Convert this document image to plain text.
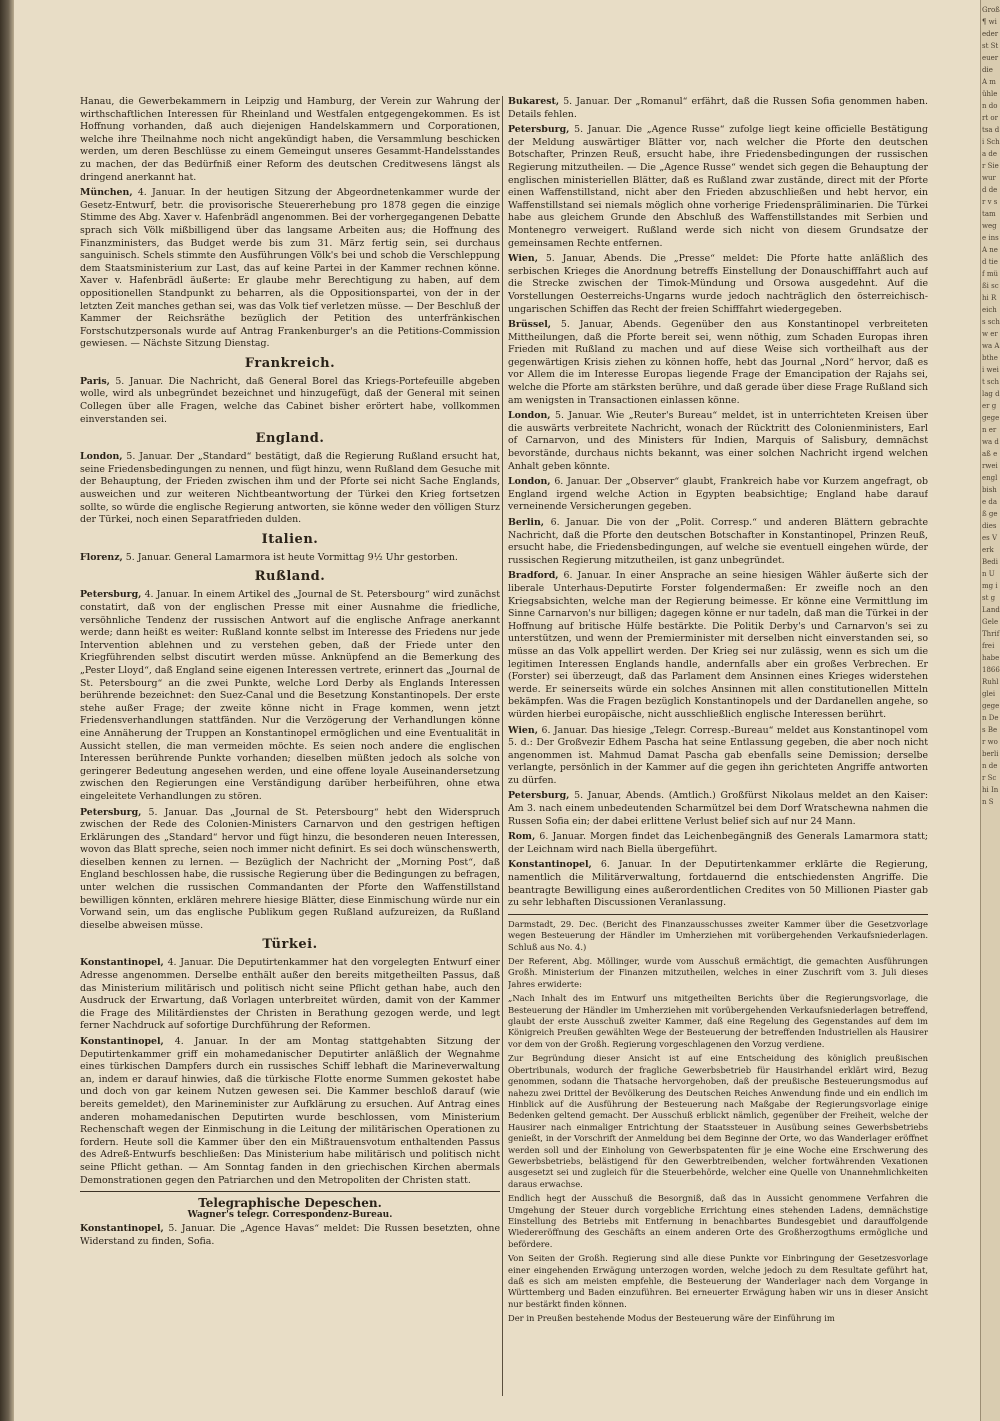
Hanau, die Gewerbekammern in Leipzig und Hamburg, der Verein zur Wahrung der wirthschaftlichen Interessen für Rheinland und Westfalen entgegengekommen. Es ist Hoffnung vorhanden, daß auch diejenigen Handelskammern und Corporationen, welche ihre Theilnahme noch nicht angekündigt haben, die Versammlung beschicken werden, um deren Beschlüsse zu einem Gemeingut unseres Gesammt-Handelsstandes zu machen, der das Bedürfniß einer Reform des deutschen Creditwesens längst als dringend anerkannt hat.

München, 4. Januar. In der heutigen Sitzung der Abgeordnetenkammer wurde der Gesetz-Entwurf, betr. die provisorische Steuererhebung pro 1878 gegen die einzige Stimme des Abg. Xaver v. Hafenbrädl angenommen. Bei der vorhergegangenen Debatte sprach sich Völk mißbilligend über das langsame Arbeiten aus; die Hoffnung des Finanzministers, das Budget werde bis zum 31. März fertig sein, sei durchaus sanguinisch. Schels stimmte den Ausführungen Völk's bei und schob die Verschleppung dem Staatsministerium zur Last, das auf keine Partei in der Kammer rechnen könne. Xaver v. Hafenbrädl äußerte: Er glaube mehr Berechtigung zu haben, auf dem oppositionellen Standpunkt zu beharren, als die Oppositionspartei, von der in der letzten Zeit manches gethan sei, was das Volk tief verletzen müsse. — Der Beschluß der Kammer der Reichsräthe bezüglich der Petition des unterfränkischen Forstschutzpersonals wurde auf Antrag Frankenburger's an die Petitions-Commission gewiesen. — Nächste Sitzung Dienstag.

Frankreich.

Paris, 5. Januar. Die Nachricht, daß General Borel das Kriegs-Portefeuille abgeben wolle, wird als unbegründet bezeichnet und hinzugefügt, daß der General mit seinen Collegen über alle Fragen, welche das Cabinet bisher erörtert habe, vollkommen einverstanden sei.

England.

London, 5. Januar. Der „Standard“ bestätigt, daß die Regierung Rußland ersucht hat, seine Friedensbedingungen zu nennen, und fügt hinzu, wenn Rußland dem Gesuche mit der Behauptung, der Frieden zwischen ihm und der Pforte sei nicht Sache Englands, ausweichen und zur weiteren Nichtbeantwortung der Türkei den Krieg fortsetzen sollte, so würde die englische Regierung antworten, sie könne weder den völligen Sturz der Türkei, noch einen Separatfrieden dulden.

Italien.

Florenz, 5. Januar. General Lamarmora ist heute Vormittag 9½ Uhr gestorben.

Rußland.

Petersburg, 4. Januar. In einem Artikel des „Journal de St. Petersbourg“ wird zunächst constatirt, daß von der englischen Presse mit einer Ausnahme die friedliche, versöhnliche Tendenz der russischen Antwort auf die englische Anfrage anerkannt werde; dann heißt es weiter: Rußland konnte selbst im Interesse des Friedens nur jede Intervention ablehnen und zu verstehen geben, daß der Friede unter den Kriegführenden selbst discutirt werden müsse. Anknüpfend an die Bemerkung des „Pester Lloyd“, daß England seine eigenen Interessen vertrete, erinnert das „Journal de St. Petersbourg“ an die zwei Punkte, welche Lord Derby als Englands Interessen berührende bezeichnet: den Suez-Canal und die Besetzung Konstantinopels. Der erste stehe außer Frage; der zweite könne nicht in Frage kommen, wenn jetzt Friedensverhandlungen stattfänden. Nur die Verzögerung der Verhandlungen könne eine Annäherung der Truppen an Konstantinopel ermöglichen und eine Eventualität in Aussicht stellen, die man vermeiden möchte. Es seien noch andere die englischen Interessen berührende Punkte vorhanden; dieselben müßten jedoch als solche von geringerer Bedeutung angesehen werden, und eine offene loyale Auseinandersetzung zwischen den Regierungen eine Verständigung darüber herbeiführen, ohne etwa eingeleitete Verhandlungen zu stören.

Petersburg, 5. Januar. Das „Journal de St. Petersbourg“ hebt den Widerspruch zwischen der Rede des Colonien-Ministers Carnarvon und den gestrigen heftigen Erklärungen des „Standard“ hervor und fügt hinzu, die besonderen neuen Interessen, wovon das Blatt spreche, seien noch immer nicht definirt. Es sei doch wünschenswerth, dieselben kennen zu lernen. — Bezüglich der Nachricht der „Morning Post“, daß England beschlossen habe, die russische Regierung über die Bedingungen zu befragen, unter welchen die russischen Commandanten der Pforte den Waffenstillstand bewilligen könnten, erklären mehrere hiesige Blätter, diese Einmischung würde nur ein Vorwand sein, um das englische Publikum gegen Rußland aufzureizen, da Rußland dieselbe abweisen müsse.

Türkei.

Konstantinopel, 4. Januar. Die Deputirtenkammer hat den vorgelegten Entwurf einer Adresse angenommen. Derselbe enthält außer den bereits mitgetheilten Passus, daß das Ministerium militärisch und politisch nicht seine Pflicht gethan habe, auch den Ausdruck der Erwartung, daß Vorlagen unterbreitet würden, damit von der Kammer die Frage des Militärdienstes der Christen in Berathung gezogen werde, und legt ferner Nachdruck auf sofortige Durchführung der Reformen.

Konstantinopel, 4. Januar. In der am Montag stattgehabten Sitzung der Deputirtenkammer griff ein mohamedanischer Deputirter anläßlich der Wegnahme eines türkischen Dampfers durch ein russisches Schiff lebhaft die Marineverwaltung an, indem er darauf hinwies, daß die türkische Flotte enorme Summen gekostet habe und doch von gar keinem Nutzen gewesen sei. Die Kammer beschloß darauf (wie bereits gemeldet), den Marineminister zur Aufklärung zu ersuchen. Auf Antrag eines anderen mohamedanischen Deputirten wurde beschlossen, vom Ministerium Rechenschaft wegen der Einmischung in die Leitung der militärischen Operationen zu fordern. Heute soll die Kammer über den ein Mißtrauensvotum enthaltenden Passus des Adreß-Entwurfs beschließen: Das Ministerium habe militärisch und politisch nicht seine Pflicht gethan. — Am Sonntag fanden in den griechischen Kirchen abermals Demonstrationen gegen den Patriarchen und den Metropoliten der Christen statt.

Telegraphische Depeschen.
Wagner's telegr. Correspondenz-Bureau.

Konstantinopel, 5. Januar. Die „Agence Havas“ meldet: Die Russen besetzten, ohne Widerstand zu finden, Sofia.

Bukarest, 5. Januar. Der „Romanul“ erfährt, daß die Russen Sofia genommen haben. Details fehlen.

Petersburg, 5. Januar. Die „Agence Russe“ zufolge liegt keine officielle Bestätigung der Meldung auswärtiger Blätter vor, nach welcher die Pforte den deutschen Botschafter, Prinzen Reuß, ersucht habe, ihre Friedensbedingungen der russischen Regierung mitzutheilen. — Die „Agence Russe“ wendet sich gegen die Behauptung der englischen ministeriellen Blätter, daß es Rußland zwar zustände, direct mit der Pforte einen Waffenstillstand, nicht aber den Frieden abzuschließen und hebt hervor, ein Waffenstillstand sei niemals möglich ohne vorherige Friedenspräliminarien. Die Türkei habe aus gleichem Grunde den Abschluß des Waffenstillstandes mit Serbien und Montenegro verweigert. Rußland werde sich nicht von diesem Grundsatze der gemeinsamen Rechte entfernen.

Wien, 5. Januar, Abends. Die „Presse“ meldet: Die Pforte hatte anläßlich des serbischen Krieges die Anordnung betreffs Einstellung der Donauschifffahrt auch auf die Strecke zwischen der Timok-Mündung und Orsowa ausgedehnt. Auf die Vorstellungen Oesterreichs-Ungarns wurde jedoch nachträglich den österreichisch-ungarischen Schiffen das Recht der freien Schifffahrt wiedergegeben.

Brüssel, 5. Januar, Abends. Gegenüber den aus Konstantinopel verbreiteten Mittheilungen, daß die Pforte bereit sei, wenn nöthig, zum Schaden Europas ihren Frieden mit Rußland zu machen und auf diese Weise sich vortheilhaft aus der gegenwärtigen Krisis ziehen zu können hoffe, hebt das Journal „Nord“ hervor, daß es vor Allem die im Interesse Europas liegende Frage der Emancipation der Rajahs sei, welche die Pforte am stärksten berühre, und daß gerade über diese Frage Rußland sich am wenigsten in Transactionen einlassen könne.

London, 5. Januar. Wie „Reuter's Bureau“ meldet, ist in unterrichteten Kreisen über die auswärts verbreitete Nachricht, wonach der Rücktritt des Colonienministers, Earl of Carnarvon, und des Ministers für Indien, Marquis of Salisbury, demnächst bevorstände, durchaus nichts bekannt, was einer solchen Nachricht irgend welchen Anhalt geben könnte.

London, 6. Januar. Der „Observer“ glaubt, Frankreich habe vor Kurzem angefragt, ob England irgend welche Action in Egypten beabsichtige; England habe darauf verneinende Versicherungen gegeben.

Berlin, 6. Januar. Die von der „Polit. Corresp.“ und anderen Blättern gebrachte Nachricht, daß die Pforte den deutschen Botschafter in Konstantinopel, Prinzen Reuß, ersucht habe, die Friedensbedingungen, auf welche sie eventuell eingehen würde, der russischen Regierung mitzutheilen, ist ganz unbegründet.

Bradford, 6. Januar. In einer Ansprache an seine hiesigen Wähler äußerte sich der liberale Unterhaus-Deputirte Forster folgendermaßen: Er zweifle noch an den Kriegsabsichten, welche man der Regierung beimesse. Er könne eine Vermittlung im Sinne Carnarvon's nur billigen; dagegen könne er nur tadeln, daß man die Türkei in der Hoffnung auf britische Hülfe bestärkte. Die Politik Derby's und Carnarvon's sei zu unterstützen, und wenn der Premierminister mit derselben nicht einverstanden sei, so müsse an das Volk appellirt werden. Der Krieg sei nur zulässig, wenn es sich um die legitimen Interessen Englands handle, andernfalls aber ein großes Verbrechen. Er (Forster) sei überzeugt, daß das Parlament dem Ansinnen eines Krieges widerstehen werde. Er seinerseits würde ein solches Ansinnen mit allen constitutionellen Mitteln bekämpfen. Was die Fragen bezüglich Konstantinopels und der Dardanellen angehe, so würden hierbei europäische, nicht ausschließlich englische Interessen berührt.

Wien, 6. Januar. Das hiesige „Telegr. Corresp.-Bureau“ meldet aus Konstantinopel vom 5. d.: Der Großvezir Edhem Pascha hat seine Entlassung gegeben, die aber noch nicht angenommen ist. Mahmud Damat Pascha gab ebenfalls seine Demission; derselbe verlangte, persönlich in der Kammer auf die gegen ihn gerichteten Angriffe antworten zu dürfen.

Petersburg, 5. Januar, Abends. (Amtlich.) Großfürst Nikolaus meldet an den Kaiser: Am 3. nach einem unbedeutenden Scharmützel bei dem Dorf Wratschewna nahmen die Russen Sofia ein; der dabei erlittene Verlust belief sich auf nur 24 Mann.

Rom, 6. Januar. Morgen findet das Leichenbegängniß des Generals Lamarmora statt; der Leichnam wird nach Biella übergeführt.

Konstantinopel, 6. Januar. In der Deputirtenkammer erklärte die Regierung, namentlich die Militärverwaltung, fortdauernd die entschiedensten Angriffe. Die beantragte Bewilligung eines außerordentlichen Credites von 50 Millionen Piaster gab zu sehr lebhaften Discussionen Veranlassung.

Darmstadt, 29. Dec. (Bericht des Finanzausschusses zweiter Kammer über die Gesetzvorlage wegen Besteuerung der Händler im Umherziehen mit vorübergehenden Verkaufsniederlagen. Schluß aus No. 4.)

Der Referent, Abg. Möllinger, wurde vom Ausschuß ermächtigt, die gemachten Ausführungen Großh. Ministerium der Finanzen mitzutheilen, welches in einer Zuschrift vom 3. Juli dieses Jahres erwiderte:

„Nach Inhalt des im Entwurf uns mitgetheilten Berichts über die Regierungsvorlage, die Besteuerung der Händler im Umherziehen mit vorübergehenden Verkaufsniederlagen betreffend, glaubt der erste Ausschuß zweiter Kammer, daß eine Regelung des Gegenstandes auf dem im Königreich Preußen gewählten Wege der Besteuerung der betreffenden Industriellen als Hausirer vor dem von der Großh. Regierung vorgeschlagenen den Vorzug verdiene.

Zur Begründung dieser Ansicht ist auf eine Entscheidung des königlich preußischen Obertribunals, wodurch der fragliche Gewerbsbetrieb für Hausirhandel erklärt wird, Bezug genommen, sodann die Thatsache hervorgehoben, daß der preußische Besteuerungsmodus auf nahezu zwei Drittel der Bevölkerung des Deutschen Reiches Anwendung finde und ein endlich im Hinblick auf die Ausführung der Besteuerung nach Maßgabe der Regierungsvorlage einige Bedenken geltend gemacht. Der Ausschuß erblickt nämlich, gegenüber der Freiheit, welche der Hausirer nach einmaliger Entrichtung der Staatssteuer in Ausübung seines Gewerbsbetriebs genießt, in der Vorschrift der Anmeldung bei dem Beginne der Orte, wo das Wanderlager eröffnet werden soll und der Einholung von Gewerbspatenten für je eine Woche eine Erschwerung des Gewerbsbetriebs, belästigend für den Gewerbtreibenden, welcher fortwährenden Vexationen ausgesetzt sei und zugleich für die Steuerbehörde, welcher eine Quelle von Unannehmlichkeiten daraus erwachse.

Endlich hegt der Ausschuß die Besorgniß, daß das in Aussicht genommene Verfahren die Umgehung der Steuer durch vorgebliche Errichtung eines stehenden Ladens, demnächstige Einstellung des Betriebs mit Entfernung in benachbartes Bundesgebiet und darauffolgende Wiedereröffnung des Geschäfts an einem anderen Orte des Großherzogthums ermögliche und befördere.

Von Seiten der Großh. Regierung sind alle diese Punkte vor Einbringung der Gesetzesvorlage einer eingehenden Erwägung unterzogen worden, welche jedoch zu dem Resultate geführt hat, daß es sich am meisten empfehle, die Besteuerung der Wanderlager nach dem Vorgange in Württemberg und Baden einzuführen. Bei erneuerter Erwägung haben wir uns in dieser Ansicht nur bestärkt finden können.

Der in Preußen bestehende Modus der Besteuerung wäre der Einführung im

Groß ¶ wiederst Steuer die A mühlen dort ortsa di Scha der Sie wurd der v stam wege ins A ned tief müßi schi Reichs schw erwa Abthei weit schlag der g gegen erwa daß erwei engl bishe daß ge dieses Verk Bedin Umg ist g Land Gele Thrif frei habe 1866 Ruhl glei gegen Des Ber wo berlin der Schi Inn S
